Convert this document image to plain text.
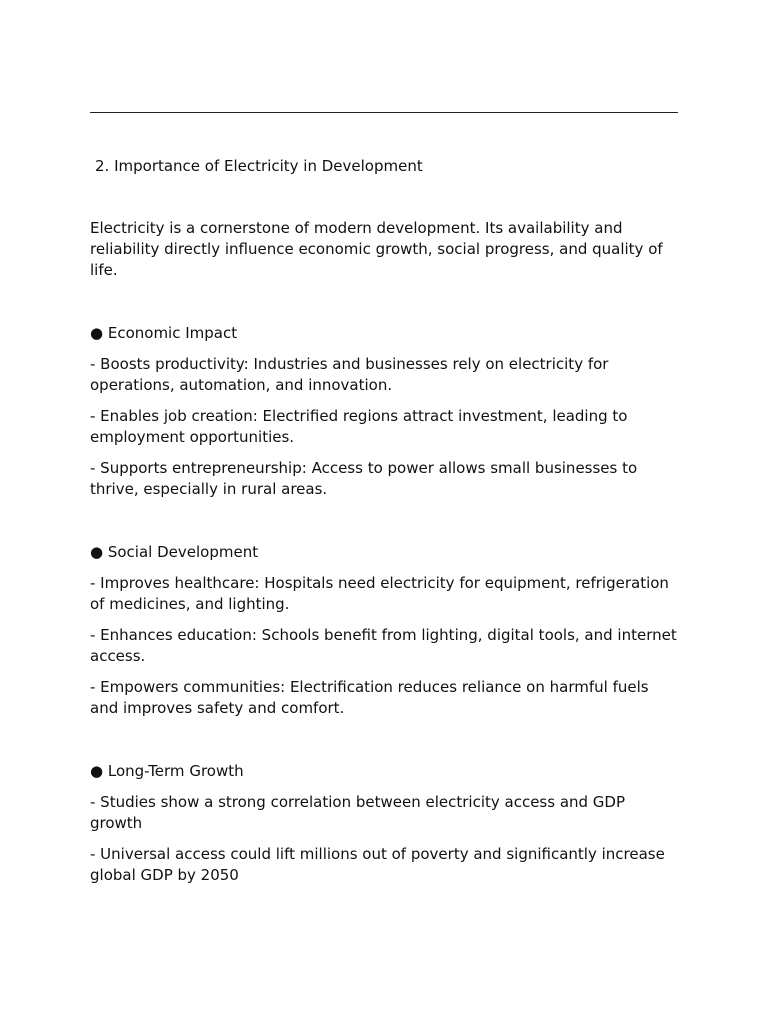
2. Importance of Electricity in Development

Electricity is a cornerstone of modern development. Its availability and reliability directly influence economic growth, social progress, and quality of life.

● Economic Impact

- Boosts productivity: Industries and businesses rely on electricity for operations, automation, and innovation.

- Enables job creation: Electrified regions attract investment, leading to employment opportunities.

- Supports entrepreneurship: Access to power allows small businesses to thrive, especially in rural areas.

● Social Development

- Improves healthcare: Hospitals need electricity for equipment, refrigeration of medicines, and lighting.

- Enhances education: Schools benefit from lighting, digital tools, and internet access.

- Empowers communities: Electrification reduces reliance on harmful fuels and improves safety and comfort.

● Long-Term Growth

- Studies show a strong correlation between electricity access and GDP growth

- Universal access could lift millions out of poverty and significantly increase global GDP by 2050
